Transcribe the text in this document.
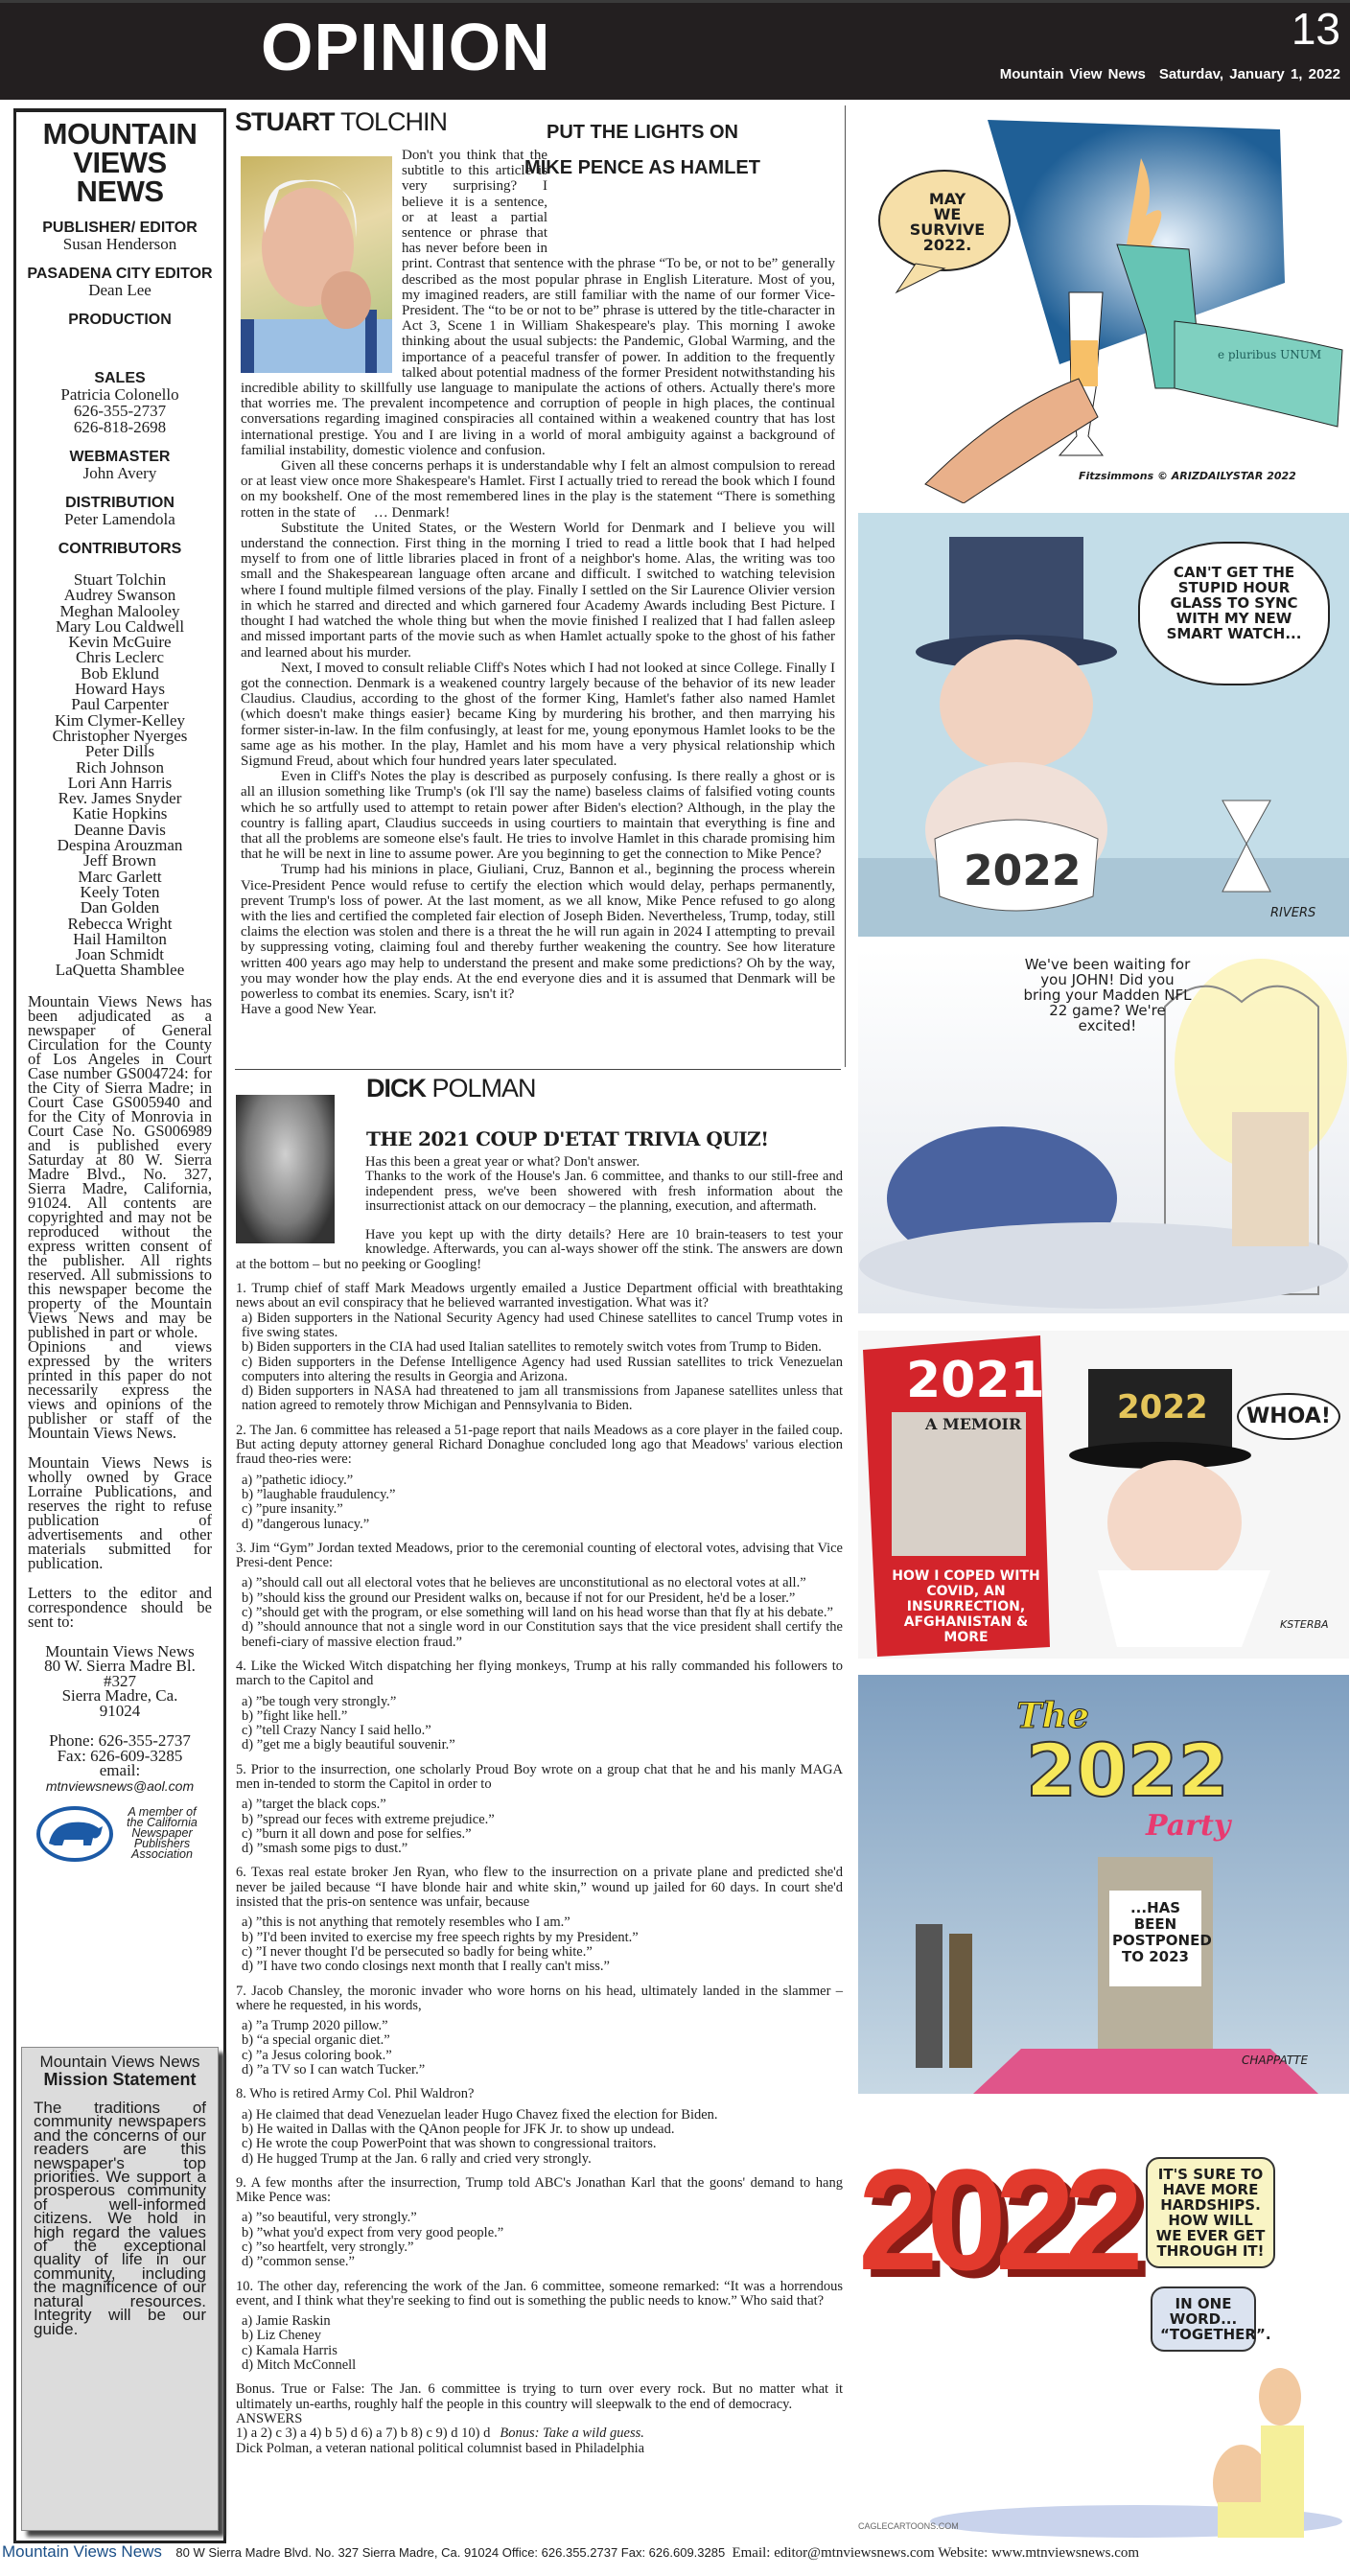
OPINION	13
Mountain View News Saturdav, January 1, 2022
MOUNTAIN
VIEWS
NEWS
PUBLISHER/ EDITOR
Susan Henderson
PASADENA CITY EDITOR
Dean Lee
PRODUCTION
SALES
Patricia Colonello
626-355-2737
626-818-2698
WEBMASTER
John Avery
DISTRIBUTION
Peter Lamendola
CONTRIBUTORS
Stuart Tolchin
Audrey Swanson
Meghan Malooley
Mary Lou Caldwell
Kevin McGuire
Chris Leclerc
Bob Eklund
Howard Hays
Paul Carpenter
Kim Clymer-Kelley
Christopher Nyerges
Peter Dills
Rich Johnson
Lori Ann Harris
Rev. James Snyder
Katie Hopkins
Deanne Davis
Despina Arouzman
Jeff Brown
Marc Garlett
Keely Toten
Dan Golden
Rebecca Wright
Hail Hamilton
Joan Schmidt
LaQuetta Shamblee

Mountain Views News has been adjudicated as a newspaper of General Circulation for the County of Los Angeles in Court Case number GS004724: for the City of Sierra Madre; in Court Case GS005940 and for the City of Monrovia in Court Case No. GS006989 and is published every Saturday at 80 W. Sierra Madre Blvd., No. 327, Sierra Madre, California, 91024. All contents are copyrighted and may not be reproduced without the express written consent of the publisher. All rights reserved. All submissions to this newspaper become the property of the Mountain Views News and may be published in part or whole.

Opinions and views expressed by the writers printed in this paper do not necessarily express the views and opinions of the publisher or staff of the Mountain Views News.

Mountain Views News is wholly owned by Grace Lorraine Publications, and reserves the right to refuse publication of advertisements and other materials submitted for publication.

Letters to the editor and correspondence should be sent to:

Mountain Views News
80 W. Sierra Madre Bl.
#327
Sierra Madre, Ca.
91024
Phone: 626-355-2737
Fax: 626-609-3285
email:
mtnviewsnews@aol.com
A member of the California Newspaper Publishers Association
Mountain Views News
Mission Statement
The traditions of community newspapers and the concerns of our readers are this newspaper's top priorities. We support a prosperous community of well-informed citizens. We hold in high regard the values of the exceptional quality of life in our community, including the magnificence of our natural resources. Integrity will be our guide.
STUART TOLCHIN	PUT THE LIGHTS ON
MIKE PENCE AS HAMLET

Don't you think that the subtitle to this article is very surprising? I believe it is a sentence, or at least a partial sentence or phrase that has never before been in print. Contrast that sentence with the phrase “To be, or not to be” generally described as the most popular phrase in English Literature. Most of you, my imagined readers, are still familiar with the name of our former Vice-President. The “to be or not to be” phrase is uttered by the title-character in Act 3, Scene 1 in William Shakespeare's play. This morning I awoke thinking about the usual subjects: the Pandemic, Global Warming, and the importance of a peaceful transfer of power. In addition to the frequently talked about potential madness of the former President notwithstanding his incredible ability to skillfully use language to manipulate the actions of others. Actually there's more that worries me. The prevalent incompetence and corruption of people in high places, the continual conversations regarding imagined conspiracies all contained within a weakened country that has lost international prestige. You and I are living in a world of moral ambiguity against a background of familial instability, domestic violence and confusion.

Given all these concerns perhaps it is understandable why I felt an almost compulsion to reread or at least view once more Shakespeare's Hamlet. First I actually tried to reread the book which I found on my bookshelf. One of the most remembered lines in the play is the statement “There is something rotten in the state of  … Denmark!

Substitute the United States, or the Western World for Denmark and I believe you will understand the connection. First thing in the morning I tried to read a little book that I had helped myself to from one of little libraries placed in front of a neighbor's home. Alas, the writing was too small and the Shakespearean language often arcane and difficult. I switched to watching television where I found multiple filmed versions of the play. Finally I settled on the Sir Laurence Olivier version in which he starred and directed and which garnered four Academy Awards including Best Picture. I thought I had watched the whole thing but when the movie finished I realized that I had fallen asleep and missed important parts of the movie such as when Hamlet actually spoke to the ghost of his father and learned about his murder.

Next, I moved to consult reliable Cliff's Notes which I had not looked at since College. Finally I got the connection. Denmark is a weakened country largely because of the behavior of its new leader Claudius. Claudius, according to the ghost of the former King, Hamlet's father also named Hamlet (which doesn't make things easier} became King by murdering his brother, and then marrying his former sister-in-law. In the film confusingly, at least for me, young eponymous Hamlet looks to be the same age as his mother. In the play, Hamlet and his mom have a very physical relationship which Sigmund Freud, about which four hundred years later speculated.

Even in Cliff's Notes the play is described as purposely confusing. Is there really a ghost or is all an illusion something like Trump's (ok I'll say the name) baseless claims of falsified voting counts which he so artfully used to attempt to retain power after Biden's election? Although, in the play the country is falling apart, Claudius succeeds in using courtiers to maintain that everything is fine and that all the problems are someone else's fault. He tries to involve Hamlet in this charade promising him that he will be next in line to assume power. Are you beginning to get the connection to Mike Pence?

Trump had his minions in place, Giuliani, Cruz, Bannon et al., beginning the process wherein Vice-President Pence would refuse to certify the election which would delay, perhaps permanently, prevent Trump's loss of power. At the last moment, as we all know, Mike Pence refused to go along with the lies and certified the completed fair election of Joseph Biden. Nevertheless, Trump, today, still claims the election was stolen and there is a threat the he will run again in 2024 I attempting to prevail by suppressing voting, claiming foul and thereby further weakening the country. See how literature written 400 years ago may help to understand the present and make some predictions? Oh by the way, you may wonder how the play ends. At the end everyone dies and it is assumed that Denmark will be powerless to combat its enemies. Scary, isn't it?

Have a good New Year.

DICK POLMAN
THE 2021 COUP D'ETAT TRIVIA QUIZ!

Has this been a great year or what? Don't answer.

Thanks to the work of the House's Jan. 6 committee, and thanks to our still-free and independent press, we've been showered with fresh information about the insurrectionist attack on our democracy – the planning, execution, and aftermath.

Have you kept up with the dirty details? Here are 10 brain-teasers to test your knowledge. Afterwards, you can al-ways shower off the stink. The answers are down at the bottom – but no peeking or Googling!

1. Trump chief of staff Mark Meadows urgently emailed a Justice Department official with breathtaking news about an evil conspiracy that he believed warranted investigation. What was it?

a) Biden supporters in the National Security Agency had used Chinese satellites to cancel Trump votes in five swing states.
b) Biden supporters in the CIA had used Italian satellites to remotely switch votes from Trump to Biden.
c) Biden supporters in the Defense Intelligence Agency had used Russian satellites to trick Venezuelan computers into altering the results in Georgia and Arizona.
d) Biden supporters in NASA had threatened to jam all transmissions from Japanese satellites unless that nation agreed to remotely throw Michigan and Pennsylvania to Biden.

2. The Jan. 6 committee has released a 51-page report that nails Meadows as a core player in the failed coup. But acting deputy attorney general Richard Donaghue concluded long ago that Meadows' various election fraud theo-ries were:

a) ”pathetic idiocy.”
b) ”laughable fraudulency.”
c) ”pure insanity.”
d) ”dangerous lunacy.”

3. Jim “Gym” Jordan texted Meadows, prior to the ceremonial counting of electoral votes, advising that Vice Presi-dent Pence:

a) ”should call out all electoral votes that he believes are unconstitutional as no electoral votes at all.”
b) ”should kiss the ground our President walks on, because if not for our President, he'd be a loser.”
c) ”should get with the program, or else something will land on his head worse than that fly at his debate.”
d) ”should announce that not a single word in our Constitution says that the vice president shall certify the benefi-ciary of massive election fraud.”

4. Like the Wicked Witch dispatching her flying monkeys, Trump at his rally commanded his followers to march to the Capitol and

a) ”be tough very strongly.”
b) ”fight like hell.”
c) ”tell Crazy Nancy I said hello.”
d) ”get me a bigly beautiful souvenir.”

5. Prior to the insurrection, one scholarly Proud Boy wrote on a group chat that he and his manly MAGA men in-tended to storm the Capitol in order to

a) ”target the black cops.”
b) ”spread our feces with extreme prejudice.”
c) ”burn it all down and pose for selfies.”
d) ”smash some pigs to dust.”

6. Texas real estate broker Jen Ryan, who flew to the insurrection on a private plane and predicted she'd never be jailed because “I have blonde hair and white skin,” wound up jailed for 60 days. In court she'd insisted that the pris-on sentence was unfair, because

a) ”this is not anything that remotely resembles who I am.”
b) ”I'd been invited to exercise my free speech rights by my President.”
c) ”I never thought I'd be persecuted so badly for being white.”
d) ”I have two condo closings next month that I really can't miss.”

7. Jacob Chansley, the moronic invader who wore horns on his head, ultimately landed in the slammer – where he requested, in his words,

a) ”a Trump 2020 pillow.”
b) “a special organic diet.”
c) ”a Jesus coloring book.”
d) ”a TV so I can watch Tucker.”

8. Who is retired Army Col. Phil Waldron?

a) He claimed that dead Venezuelan leader Hugo Chavez fixed the election for Biden.
b) He waited in Dallas with the QAnon people for JFK Jr. to show up undead.
c) He wrote the coup PowerPoint that was shown to congressional traitors.
d) He hugged Trump at the Jan. 6 rally and cried very strongly.

9. A few months after the insurrection, Trump told ABC's Jonathan Karl that the goons' demand to hang Mike Pence was:

a) ”so beautiful, very strongly.”
b) ”what you'd expect from very good people.”
c) ”so heartfelt, very strongly.”
d) ”common sense.”

10. The other day, referencing the work of the Jan. 6 committee, someone remarked: “It was a horrendous event, and I think what they're seeking to find out is something the public needs to know.” Who said that?

a) Jamie Raskin
b) Liz Cheney
c) Kamala Harris
d) Mitch McConnell

Bonus. True or False: The Jan. 6 committee is trying to turn over every rock. But no matter what it ultimately un-earths, roughly half the people in this country will sleepwalk to the end of democracy.

ANSWERS
1) a 2) c 3) a 4) b 5) d 6) a 7) b 8) c 9) d 10) d Bonus: Take a wild guess.
Dick Polman, a veteran national political columnist based in Philadelphia
MAY
WE SURVIVE
2022.
e pluribus UNUM
Fitzsimmons © ARIZDAILYSTAR 2022
CAN'T GET THE STUPID HOUR GLASS TO SYNC WITH MY NEW SMART WATCH...
2022
RIVERS
We've been waiting for you JOHN! Did you bring your Madden NFL 22 game? We're excited!
2021
A MEMOIR
HOW I COPED WITH COVID, AN INSURRECTION, AFGHANISTAN & MORE
2022	WHOA!
KSTERBA
The
2022
Party
...HAS BEEN POSTPONED TO 2023
CHAPPATTE
2022	IT'S SURE TO HAVE MORE HARDSHIPS. HOW WILL WE EVER GET THROUGH IT!
IN ONE WORD... “TOGETHER”.
CAGLECARTOONS.COM
Mountain Views News 80 W Sierra Madre Blvd. No. 327 Sierra Madre, Ca. 91024 Office: 626.355.2737 Fax: 626.609.3285 Email: editor@mtnviewsnews.com Website: www.mtnviewsnews.com
